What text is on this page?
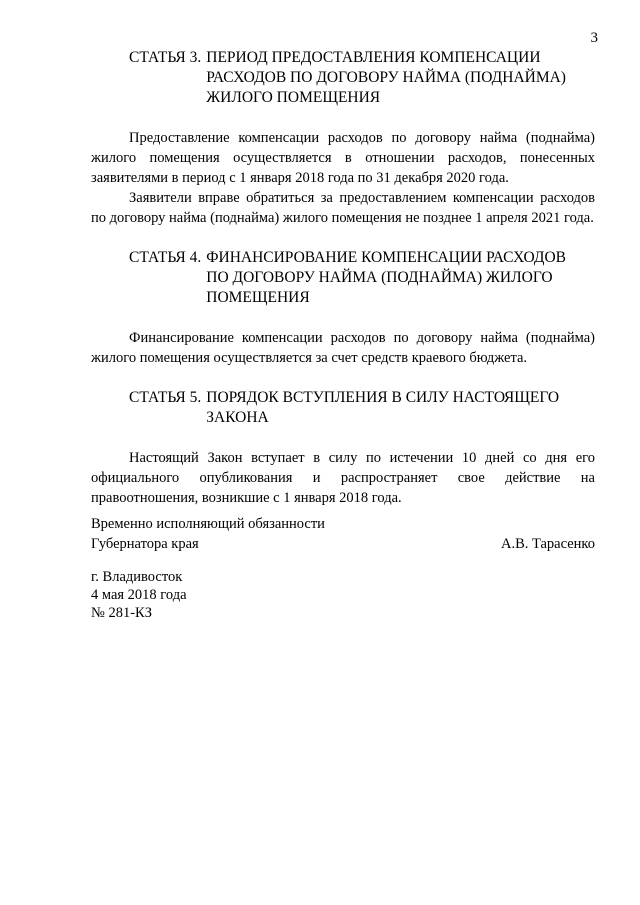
3
СТАТЬЯ 3. ПЕРИОД ПРЕДОСТАВЛЕНИЯ КОМПЕНСАЦИИ
РАСХОДОВ ПО ДОГОВОРУ НАЙМА (ПОДНАЙМА)
ЖИЛОГО ПОМЕЩЕНИЯ

Предоставление компенсации расходов по договору найма (поднайма) жилого помещения осуществляется в отношении расходов, понесенных заявителями в период с 1 января 2018 года по 31 декабря 2020 года.

Заявители вправе обратиться за предоставлением компенсации расходов по договору найма (поднайма) жилого помещения не позднее 1 апреля 2021 года.

СТАТЬЯ 4. ФИНАНСИРОВАНИЕ КОМПЕНСАЦИИ РАСХОДОВ
ПО ДОГОВОРУ НАЙМА (ПОДНАЙМА) ЖИЛОГО
ПОМЕЩЕНИЯ

Финансирование компенсации расходов по договору найма (поднайма) жилого помещения осуществляется за счет средств краевого бюджета.

СТАТЬЯ 5. ПОРЯДОК ВСТУПЛЕНИЯ В СИЛУ НАСТОЯЩЕГО
ЗАКОНА

Настоящий Закон вступает в силу по истечении 10 дней со дня его официального опубликования и распространяет свое действие на правоотношения, возникшие с 1 января 2018 года.

Временно исполняющий обязанности
Губернатора края	А.В. Тарасенко
г. Владивосток
4 мая 2018 года
№ 281-КЗ
